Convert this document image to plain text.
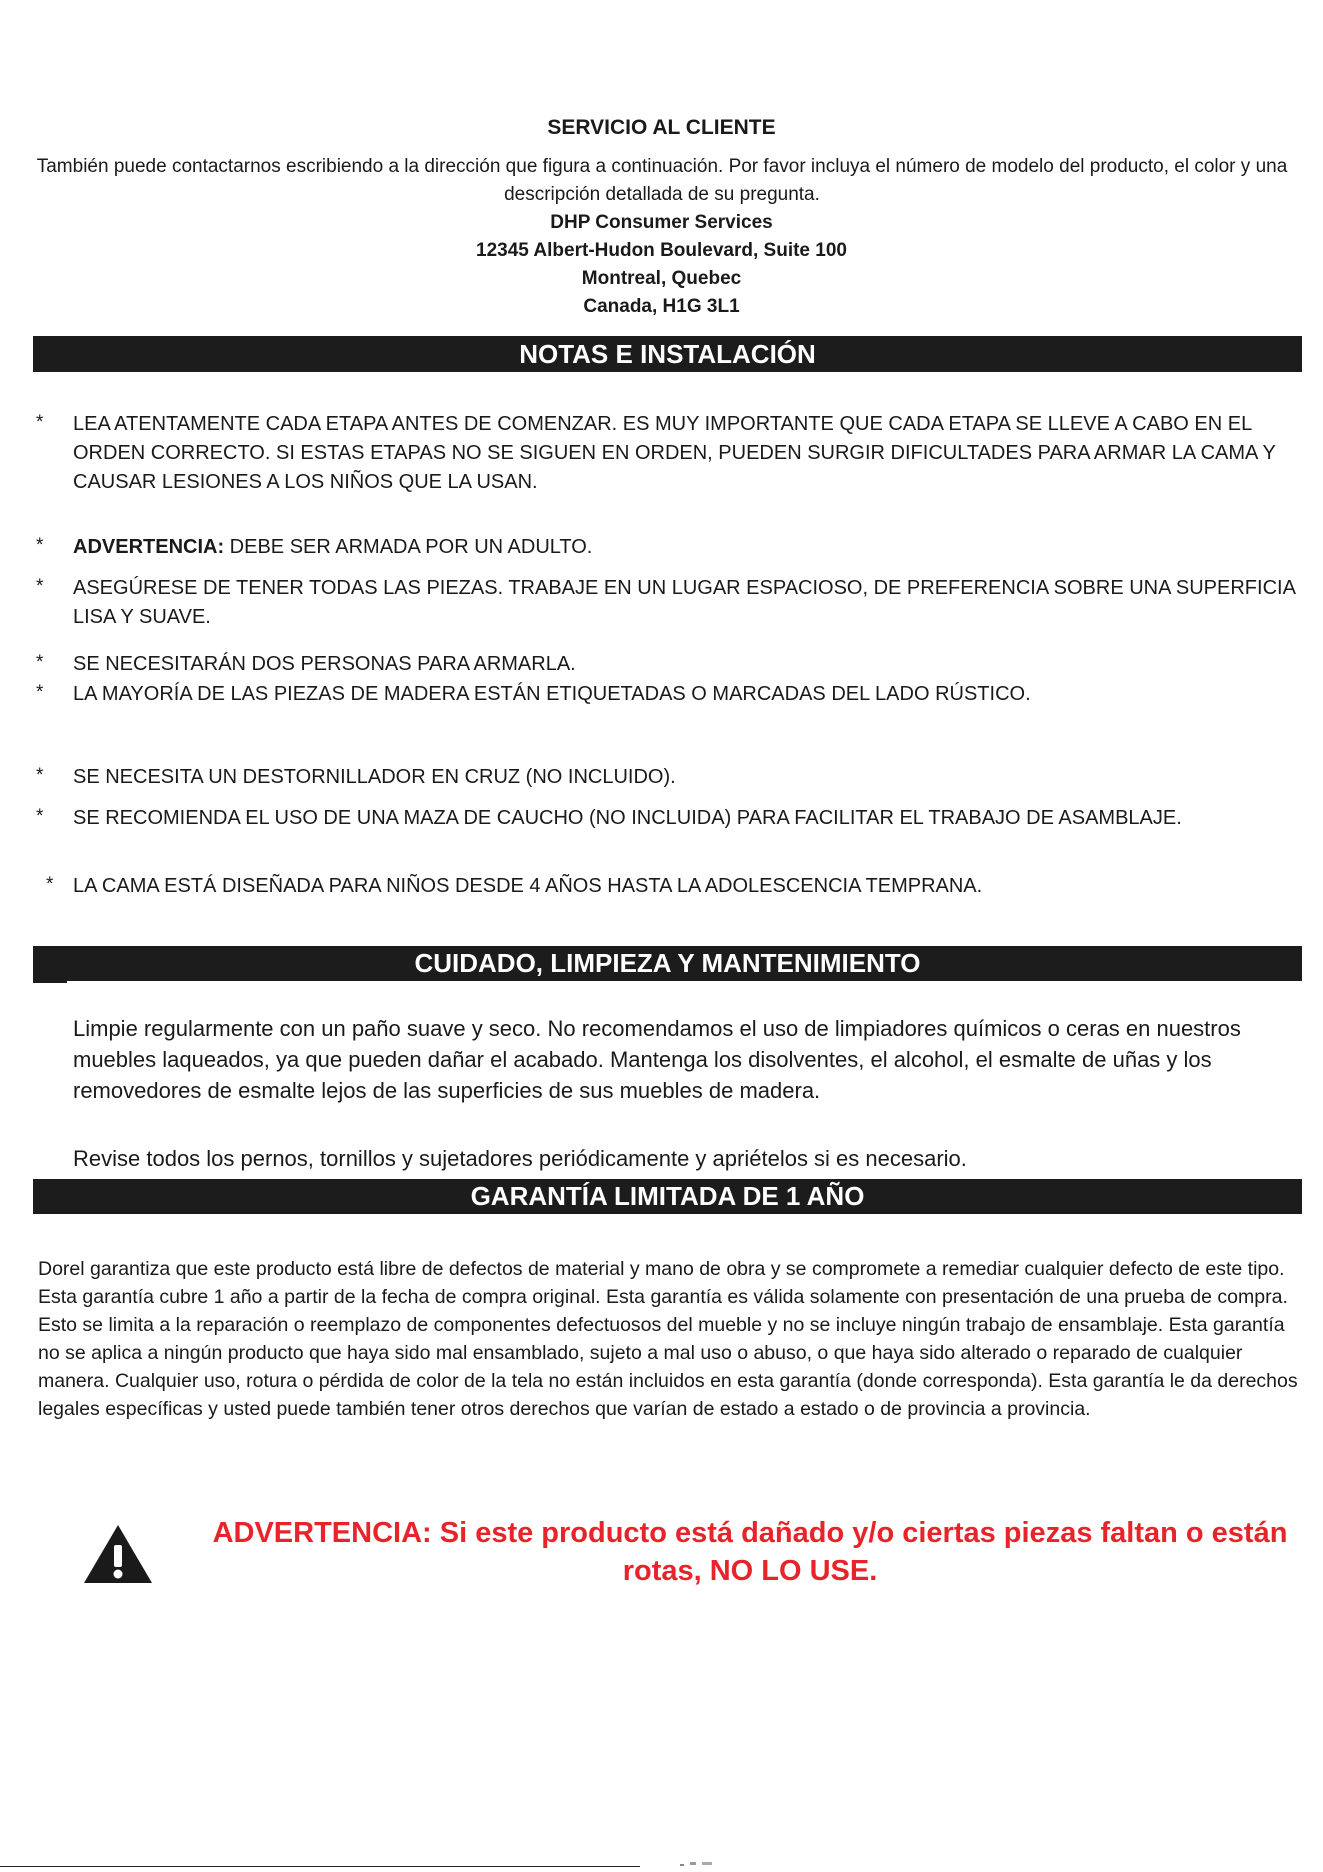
SERVICIO AL CLIENTE
También puede contactarnos escribiendo a la dirección que figura a continuación. Por favor incluya el número de modelo del producto, el color y una descripción detallada de su pregunta.
DHP Consumer Services
12345 Albert-Hudon Boulevard, Suite 100
Montreal, Quebec
Canada, H1G 3L1
NOTAS E INSTALACIÓN
* LEA ATENTAMENTE CADA ETAPA ANTES DE COMENZAR. ES MUY IMPORTANTE QUE CADA ETAPA SE LLEVE A CABO EN EL ORDEN CORRECTO. SI ESTAS ETAPAS NO SE SIGUEN EN ORDEN, PUEDEN SURGIR DIFICULTADES PARA ARMAR LA CAMA Y CAUSAR LESIONES A LOS NIÑOS QUE LA USAN.
* ADVERTENCIA: DEBE SER ARMADA POR UN ADULTO.
* ASEGÚRESE DE TENER TODAS LAS PIEZAS. TRABAJE EN UN LUGAR ESPACIOSO, DE PREFERENCIA SOBRE UNA SUPERFICIA LISA Y SUAVE.
* SE NECESITARÁN DOS PERSONAS PARA ARMARLA.
* LA MAYORÍA DE LAS PIEZAS DE MADERA ESTÁN ETIQUETADAS O MARCADAS DEL LADO RÚSTICO.
* SE NECESITA UN DESTORNILLADOR EN CRUZ (NO INCLUIDO).
* SE RECOMIENDA EL USO DE UNA MAZA DE CAUCHO (NO INCLUIDA) PARA FACILITAR EL TRABAJO DE ASAMBLAJE.
* LA CAMA ESTÁ DISEÑADA PARA NIÑOS DESDE 4 AÑOS HASTA LA ADOLESCENCIA TEMPRANA.
CUIDADO, LIMPIEZA Y MANTENIMIENTO
Limpie regularmente con un paño suave y seco. No recomendamos el uso de limpiadores químicos o ceras en nuestros muebles laqueados, ya que pueden dañar el acabado. Mantenga los disolventes, el alcohol, el esmalte de uñas y los removedores de esmalte lejos de las superficies de sus muebles de madera.
Revise todos los pernos, tornillos y sujetadores periódicamente y apriételos si es necesario.
GARANTÍA LIMITADA DE 1 AÑO
Dorel garantiza que este producto está libre de defectos de material y mano de obra y se compromete a remediar cualquier defecto de este tipo. Esta garantía cubre 1 año a partir de la fecha de compra original. Esta garantía es válida solamente con presentación de una prueba de compra. Esto se limita a la reparación o reemplazo de componentes defectuosos del mueble y no se incluye ningún trabajo de ensamblaje. Esta garantía no se aplica a ningún producto que haya sido mal ensamblado, sujeto a mal uso o abuso, o que haya sido alterado o reparado de cualquier manera. Cualquier uso, rotura o pérdida de color de la tela no están incluidos en esta garantía (donde corresponda). Esta garantía le da derechos legales específicas y usted puede también tener otros derechos que varían de estado a estado o de provincia a provincia.
ADVERTENCIA: Si este producto está dañado y/o ciertas piezas faltan o están rotas, NO LO USE.
